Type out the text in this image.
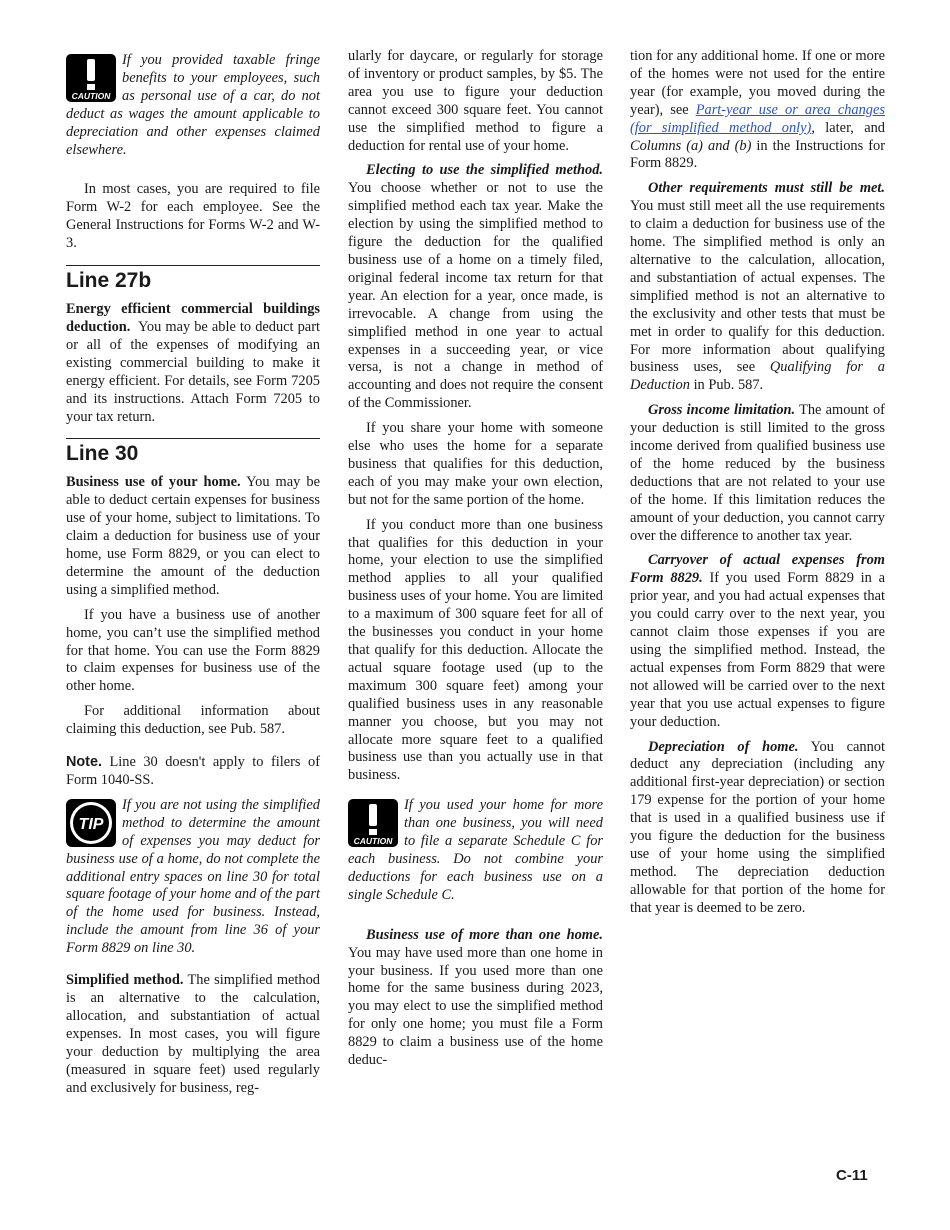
CAUTION
If you provided taxable fringe benefits to your employees, such as personal use of a car, do not deduct as wages the amount applicable to depreciation and other expenses claimed elsewhere.

In most cases, you are required to file Form W-2 for each employee. See the General Instructions for Forms W-2 and W-3.

Line 27b

Energy efficient commercial buildings deduction. You may be able to deduct part or all of the expenses of modifying an existing commercial building to make it energy efficient. For details, see Form 7205 and its instructions. Attach Form 7205 to your tax return.

Line 30

Business use of your home. You may be able to deduct certain expenses for business use of your home, subject to limitations. To claim a deduction for business use of your home, use Form 8829, or you can elect to determine the amount of the deduction using a simplified method.

If you have a business use of another home, you can’t use the simplified method for that home. You can use the Form 8829 to claim expenses for business use of the other home.

For additional information about claiming this deduction, see Pub. 587.

Note. Line 30 doesn't apply to filers of Form 1040-SS.

TIP
If you are not using the simplified method to determine the amount of expenses you may deduct for business use of a home, do not complete the additional entry spaces on line 30 for total square footage of your home and of the part of the home used for business. Instead, include the amount from line 36 of your Form 8829 on line 30.

Simplified method. The simplified method is an alternative to the calculation, allocation, and substantiation of actual expenses. In most cases, you will figure your deduction by multiplying the area (measured in square feet) used regularly and exclusively for business, reg-

ularly for daycare, or regularly for storage of inventory or product samples, by $5. The area you use to figure your deduction cannot exceed 300 square feet. You cannot use the simplified method to figure a deduction for rental use of your home.

Electing to use the simplified method. You choose whether or not to use the simplified method each tax year. Make the election by using the simplified method to figure the deduction for the qualified business use of a home on a timely filed, original federal income tax return for that year. An election for a year, once made, is irrevocable. A change from using the simplified method in one year to actual expenses in a succeeding year, or vice versa, is not a change in method of accounting and does not require the consent of the Commissioner.

If you share your home with someone else who uses the home for a separate business that qualifies for this deduction, each of you may make your own election, but not for the same portion of the home.

If you conduct more than one business that qualifies for this deduction in your home, your election to use the simplified method applies to all your qualified business uses of your home. You are limited to a maximum of 300 square feet for all of the businesses you conduct in your home that qualify for this deduction. Allocate the actual square footage used (up to the maximum 300 square feet) among your qualified business uses in any reasonable manner you choose, but you may not allocate more square feet to a qualified business use than you actually use in that business.

CAUTION
If you used your home for more than one business, you will need to file a separate Schedule C for each business. Do not combine your deductions for each business use on a single Schedule C.

Business use of more than one home. You may have used more than one home in your business. If you used more than one home for the same business during 2023, you may elect to use the simplified method for only one home; you must file a Form 8829 to claim a business use of the home deduc-

tion for any additional home. If one or more of the homes were not used for the entire year (for example, you moved during the year), see Part-year use or area changes (for simplified method only), later, and Columns (a) and (b) in the Instructions for Form 8829.

Other requirements must still be met. You must still meet all the use requirements to claim a deduction for business use of the home. The simplified method is only an alternative to the calculation, allocation, and substantiation of actual expenses. The simplified method is not an alternative to the exclusivity and other tests that must be met in order to qualify for this deduction. For more information about qualifying business uses, see Qualifying for a Deduction in Pub. 587.

Gross income limitation. The amount of your deduction is still limited to the gross income derived from qualified business use of the home reduced by the business deductions that are not related to your use of the home. If this limitation reduces the amount of your deduction, you cannot carry over the difference to another tax year.

Carryover of actual expenses from Form 8829. If you used Form 8829 in a prior year, and you had actual expenses that you could carry over to the next year, you cannot claim those expenses if you are using the simplified method. Instead, the actual expenses from Form 8829 that were not allowed will be carried over to the next year that you use actual expenses to figure your deduction.

Depreciation of home. You cannot deduct any depreciation (including any additional first-year depreciation) or section 179 expense for the portion of your home that is used in a qualified business use if you figure the deduction for the business use of your home using the simplified method. The depreciation deduction allowable for that portion of the home for that year is deemed to be zero.

C-11
